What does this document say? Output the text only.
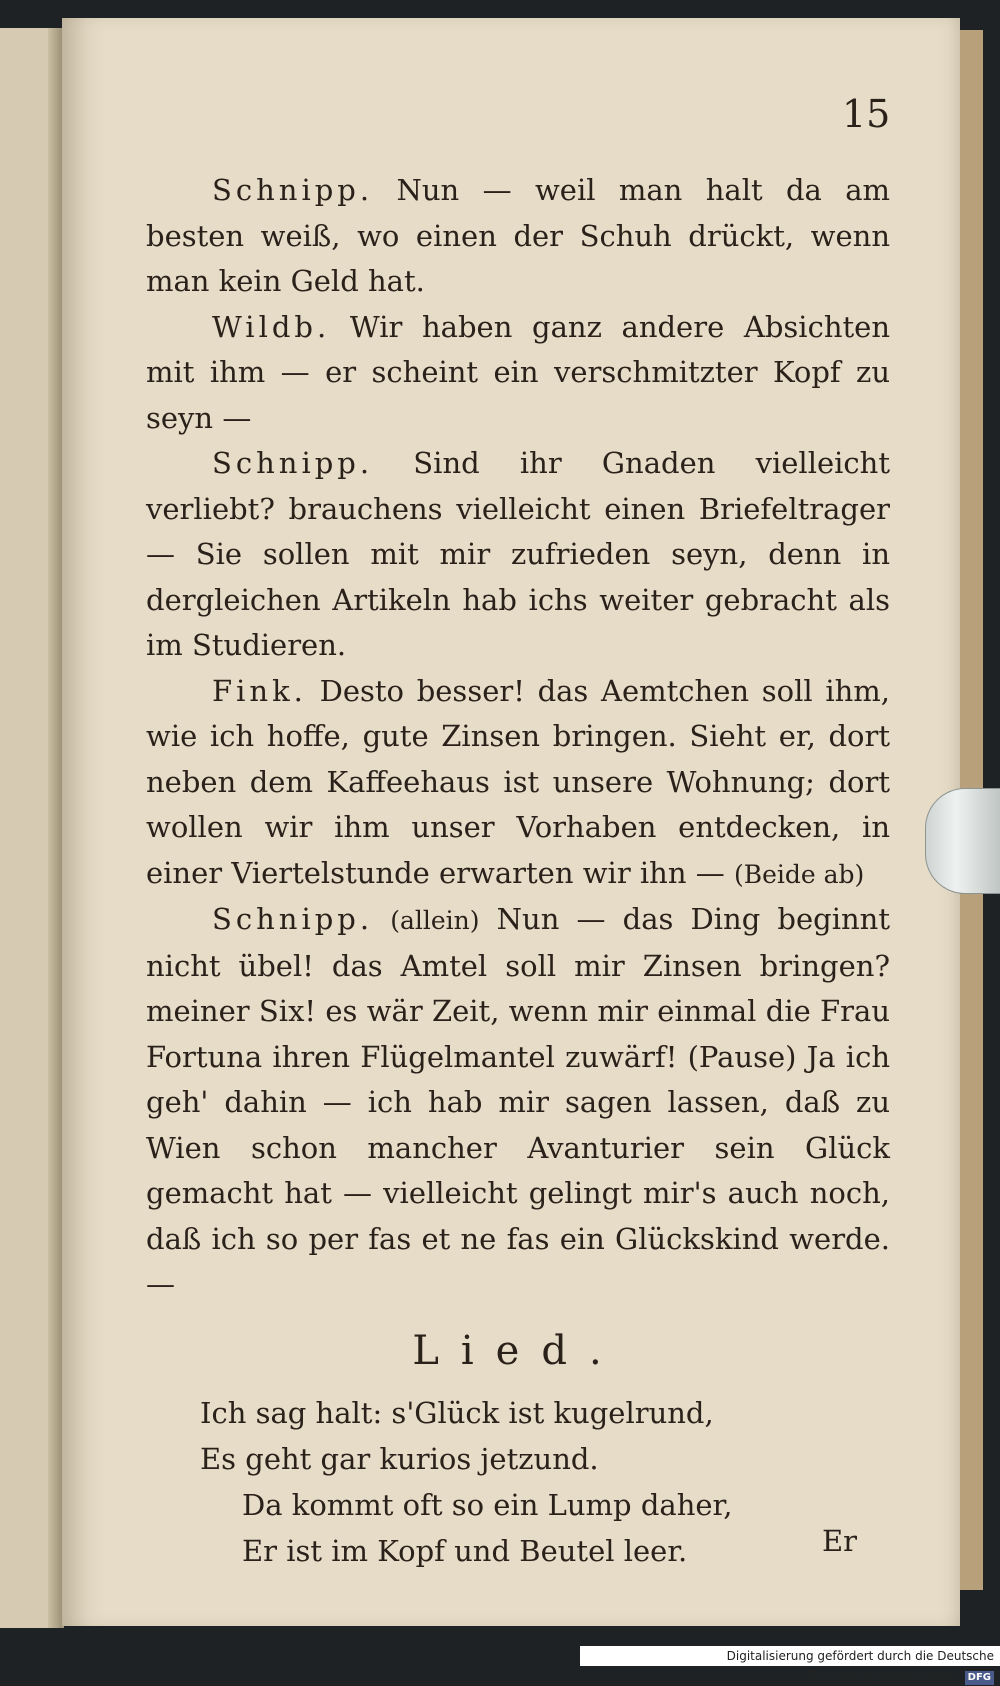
15

Schnipp. Nun — weil man halt da am besten weiß, wo einen der Schuh drückt, wenn man kein Geld hat.

Wildb. Wir haben ganz andere Absichten mit ihm — er scheint ein verschmitzter Kopf zu seyn —

Schnipp. Sind ihr Gnaden vielleicht verliebt? brauchens vielleicht einen Briefeltrager — Sie sollen mit mir zufrieden seyn, denn in dergleichen Artikeln hab ichs weiter gebracht als im Studieren.

Fink. Desto besser! das Aemtchen soll ihm, wie ich hoffe, gute Zinsen bringen. Sieht er, dort neben dem Kaffeehaus ist unsere Wohnung; dort wollen wir ihm unser Vorhaben entdecken, in einer Viertelstunde erwarten wir ihn — (Beide ab)

Schnipp. (allein) Nun — das Ding beginnt nicht übel! das Amtel soll mir Zinsen bringen? meiner Six! es wär Zeit, wenn mir einmal die Frau Fortuna ihren Flügelmantel zuwärf! (Pause) Ja ich geh' dahin — ich hab mir sagen lassen, daß zu Wien schon mancher Avanturier sein Glück gemacht hat — vielleicht gelingt mir's auch noch, daß ich so per fas et ne fas ein Glückskind werde. —

Lied.

Ich sag halt: s'Glück ist kugelrund,

Es geht gar kurios jetzund.

Da kommt oft so ein Lump daher,

Er ist im Kopf und Beutel leer.	Er
Digitalisierung gefördert durch die Deutsche Forschungsgemeinschaft DFG
